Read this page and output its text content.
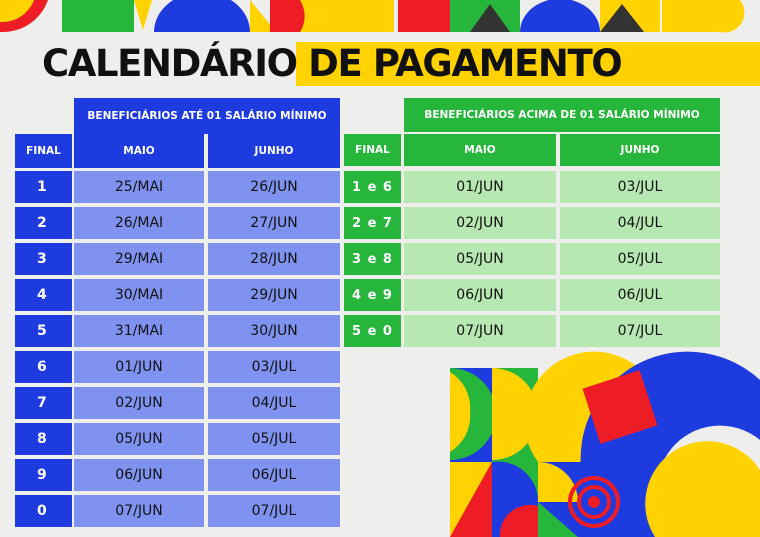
CALENDÁRIO DE PAGAMENTO
BENEFICIÁRIOS ATÉ 01 SALÁRIO MÍNIMO
FINAL	MAIO	JUNHO
1	25/MAI	26/JUN
2	26/MAI	27/JUN
3	29/MAI	28/JUN
4	30/MAI	29/JUN
5	31/MAI	30/JUN
6	01/JUN	03/JUL
7	02/JUN	04/JUL
8	05/JUN	05/JUL
9	06/JUN	06/JUL
0	07/JUN	07/JUL
BENEFICIÁRIOS ACIMA DE 01 SALÁRIO MÍNIMO
FINAL	MAIO	JUNHO
1 e 6	01/JUN	03/JUL
2 e 7	02/JUN	04/JUL
3 e 8	05/JUN	05/JUL
4 e 9	06/JUN	06/JUL
5 e 0	07/JUN	07/JUL
